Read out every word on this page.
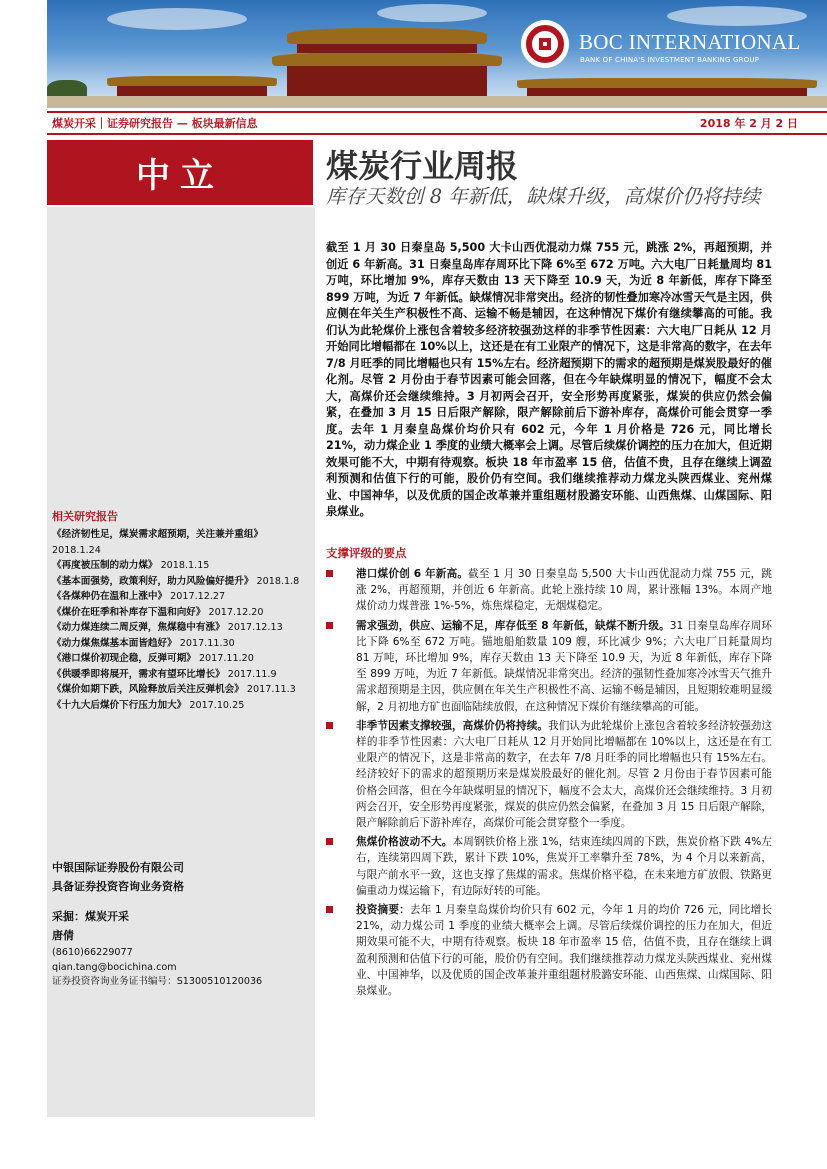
BOC INTERNATIONAL
BANK OF CHINA'S INVESTMENT BANKING GROUP
煤炭开采｜证券研究报告 — 板块最新信息	2018 年 2 月 2 日
中立
相关研究报告
《经济韧性足，煤炭需求超预期，关注兼并重组》 2018.1.24
《再度被压制的动力煤》 2018.1.15
《基本面强势，政策利好，助力风险偏好提升》 2018.1.8
《各煤种仍在温和上涨中》 2017.12.27
《煤价在旺季和补库存下温和向好》 2017.12.20
《动力煤连续二周反弹，焦煤稳中有涨》 2017.12.13
《动力煤焦煤基本面皆趋好》 2017.11.30
《港口煤价初现企稳，反弹可期》 2017.11.20
《供暖季即将展开，需求有望环比增长》 2017.11.9
《煤价如期下跌，风险释放后关注反弹机会》 2017.11.3
《十九大后煤价下行压力加大》 2017.10.25
中银国际证券股份有限公司
具备证券投资咨询业务资格
采掘：煤炭开采
唐倩
(8610)66229077
qian.tang@bocichina.com
证券投资咨询业务证书编号：S1300510120036
煤炭行业周报
库存天数创 8 年新低，缺煤升级，高煤价仍将持续
截至 1 月 30 日秦皇岛 5,500 大卡山西优混动力煤 755 元，跳涨 2%，再超预期，并创近 6 年新高。31 日秦皇岛库存周环比下降 6%至 672 万吨。六大电厂日耗量周均 81 万吨，环比增加 9%，库存天数由 13 天下降至 10.9 天，为近 8 年新低，库存下降至 899 万吨，为近 7 年新低。缺煤情况非常突出。经济的韧性叠加寒冷冰雪天气是主因，供应侧在年关生产积极性不高、运输不畅是辅因，在这种情况下煤价有继续攀高的可能。我们认为此轮煤价上涨包含着较多经济较强劲这样的非季节性因素：六大电厂日耗从 12 月开始同比增幅都在 10%以上，这还是在有工业限产的情况下，这是非常高的数字，在去年 7/8 月旺季的同比增幅也只有 15%左右。经济超预期下的需求的超预期是煤炭股最好的催化剂。尽管 2 月份由于春节因素可能会回落，但在今年缺煤明显的情况下，幅度不会太大，高煤价还会继续维持。3 月初两会召开，安全形势再度紧张，煤炭的供应仍然会偏紧，在叠加 3 月 15 日后限产解除，限产解除前后下游补库存，高煤价可能会贯穿一季度。去年 1 月秦皇岛煤价均价只有 602 元，今年 1 月价格是 726 元，同比增长 21%，动力煤企业 1 季度的业绩大概率会上调。尽管后续煤价调控的压力在加大，但近期效果可能不大，中期有待观察。板块 18 年市盈率 15 倍，估值不贵，且存在继续上调盈利预测和估值下行的可能，股价仍有空间。我们继续推荐动力煤龙头陕西煤业、兖州煤业、中国神华，以及优质的国企改革兼并重组题材股潞安环能、山西焦煤、山煤国际、阳泉煤业。
支撑评级的要点
港口煤价创 6 年新高。截至 1 月 30 日秦皇岛 5,500 大卡山西优混动力煤 755 元，跳涨 2%，再超预期，并创近 6 年新高。此轮上涨持续 10 周，累计涨幅 13%。本周产地煤价动力煤普涨 1%-5%，炼焦煤稳定，无烟煤稳定。
需求强劲，供应、运输不足，库存低至 8 年新低，缺煤不断升级。31 日秦皇岛库存周环比下降 6%至 672 万吨。锚地船舶数量 109 艘，环比减少 9%；六大电厂日耗量周均 81 万吨，环比增加 9%，库存天数由 13 天下降至 10.9 天，为近 8 年新低，库存下降至 899 万吨，为近 7 年新低。缺煤情况非常突出。经济的强韧性叠加寒冷冰雪天气推升需求超预期是主因，供应侧在年关生产积极性不高、运输不畅是辅因，且短期较难明显缓解，2 月初地方矿也面临陆续放假，在这种情况下煤价有继续攀高的可能。
非季节因素支撑较强，高煤价仍将持续。我们认为此轮煤价上涨包含着较多经济较强劲这样的非季节性因素：六大电厂日耗从 12 月开始同比增幅都在 10%以上，这还是在有工业限产的情况下，这是非常高的数字，在去年 7/8 月旺季的同比增幅也只有 15%左右。经济较好下的需求的超预期历来是煤炭股最好的催化剂。尽管 2 月份由于春节因素可能价格会回落，但在今年缺煤明显的情况下，幅度不会太大，高煤价还会继续维持。3 月初两会召开，安全形势再度紧张，煤炭的供应仍然会偏紧，在叠加 3 月 15 日后限产解除，限产解除前后下游补库存，高煤价可能会贯穿整个一季度。
焦煤价格波动不大。本周钢铁价格上涨 1%，结束连续四周的下跌，焦炭价格下跌 4%左右，连续第四周下跌，累计下跌 10%，焦炭开工率攀升至 78%，为 4 个月以来新高，与限产前水平一致，这也支撑了焦煤的需求。焦煤价格平稳，在未来地方矿放假、铁路更偏重动力煤运输下，有边际好转的可能。
投资摘要：去年 1 月秦皇岛煤价均价只有 602 元，今年 1 月的均价 726 元，同比增长 21%，动力煤公司 1 季度的业绩大概率会上调。尽管后续煤价调控的压力在加大，但近期效果可能不大，中期有待观察。板块 18 年市盈率 15 倍，估值不贵，且存在继续上调盈利预测和估值下行的可能，股价仍有空间。我们继续推荐动力煤龙头陕西煤业、兖州煤业、中国神华，以及优质的国企改革兼并重组题材股潞安环能、山西焦煤、山煤国际、阳泉煤业。
